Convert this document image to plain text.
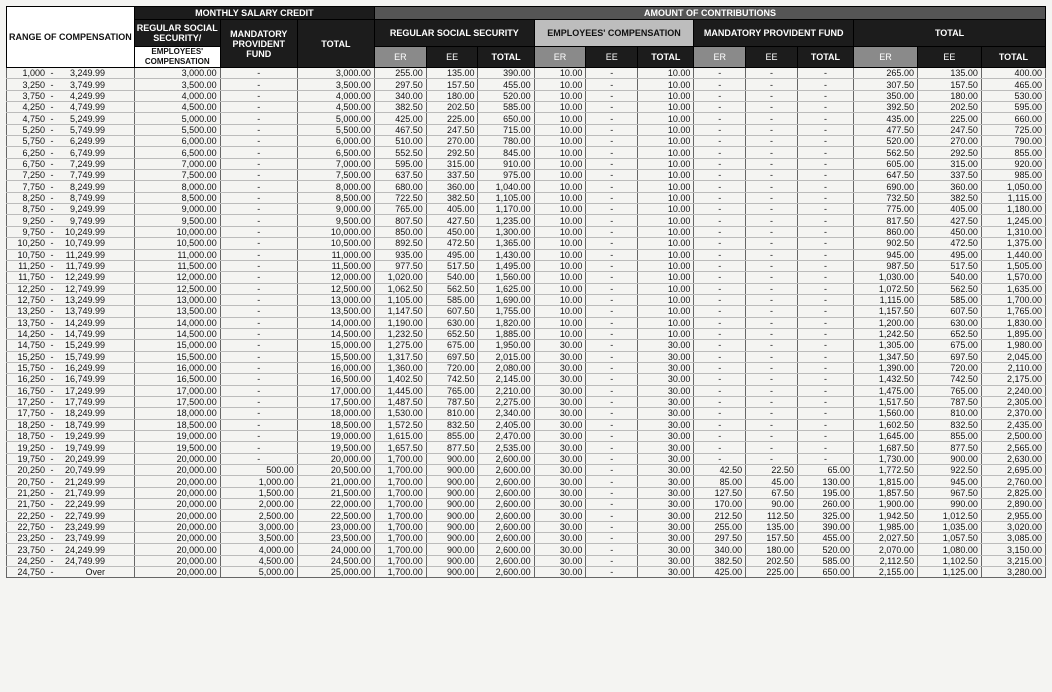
RANGE OF COMPENSATION	MONTHLY SALARY CREDIT			AMOUNT OF CONTRIBUTIONS											
	REGULAR SOCIAL SECURITY/	MANDATORY PROVIDENT FUND	TOTAL	REGULAR SOCIAL SECURITY			EMPLOYEES' COMPENSATION			MANDATORY PROVIDENT FUND			TOTAL		
	EMPLOYEES' COMPENSATION			ER	EE	TOTAL	ER	EE	TOTAL	ER	EE	TOTAL	ER	EE	TOTAL
1,000 - 3,249.99	3,000.00	-	3,000.00	255.00	135.00	390.00	10.00	-	10.00	-	-	-	265.00	135.00	400.00
3,250 - 3,749.99	3,500.00	-	3,500.00	297.50	157.50	455.00	10.00	-	10.00	-	-	-	307.50	157.50	465.00
3,750 - 4,249.99	4,000.00	-	4,000.00	340.00	180.00	520.00	10.00	-	10.00	-	-	-	350.00	180.00	530.00
4,250 - 4,749.99	4,500.00	-	4,500.00	382.50	202.50	585.00	10.00	-	10.00	-	-	-	392.50	202.50	595.00
4,750 - 5,249.99	5,000.00	-	5,000.00	425.00	225.00	650.00	10.00	-	10.00	-	-	-	435.00	225.00	660.00
5,250 - 5,749.99	5,500.00	-	5,500.00	467.50	247.50	715.00	10.00	-	10.00	-	-	-	477.50	247.50	725.00
5,750 - 6,249.99	6,000.00	-	6,000.00	510.00	270.00	780.00	10.00	-	10.00	-	-	-	520.00	270.00	790.00
6,250 - 6,749.99	6,500.00	-	6,500.00	552.50	292.50	845.00	10.00	-	10.00	-	-	-	562.50	292.50	855.00
6,750 - 7,249.99	7,000.00	-	7,000.00	595.00	315.00	910.00	10.00	-	10.00	-	-	-	605.00	315.00	920.00
7,250 - 7,749.99	7,500.00	-	7,500.00	637.50	337.50	975.00	10.00	-	10.00	-	-	-	647.50	337.50	985.00
7,750 - 8,249.99	8,000.00	-	8,000.00	680.00	360.00	1,040.00	10.00	-	10.00	-	-	-	690.00	360.00	1,050.00
8,250 - 8,749.99	8,500.00	-	8,500.00	722.50	382.50	1,105.00	10.00	-	10.00	-	-	-	732.50	382.50	1,115.00
8,750 - 9,249.99	9,000.00	-	9,000.00	765.00	405.00	1,170.00	10.00	-	10.00	-	-	-	775.00	405.00	1,180.00
9,250 - 9,749.99	9,500.00	-	9,500.00	807.50	427.50	1,235.00	10.00	-	10.00	-	-	-	817.50	427.50	1,245.00
9,750 - 10,249.99	10,000.00	-	10,000.00	850.00	450.00	1,300.00	10.00	-	10.00	-	-	-	860.00	450.00	1,310.00
10,250 - 10,749.99	10,500.00	-	10,500.00	892.50	472.50	1,365.00	10.00	-	10.00	-	-	-	902.50	472.50	1,375.00
10,750 - 11,249.99	11,000.00	-	11,000.00	935.00	495.00	1,430.00	10.00	-	10.00	-	-	-	945.00	495.00	1,440.00
11,250 - 11,749.99	11,500.00	-	11,500.00	977.50	517.50	1,495.00	10.00	-	10.00	-	-	-	987.50	517.50	1,505.00
11,750 - 12,249.99	12,000.00	-	12,000.00	1,020.00	540.00	1,560.00	10.00	-	10.00	-	-	-	1,030.00	540.00	1,570.00
12,250 - 12,749.99	12,500.00	-	12,500.00	1,062.50	562.50	1,625.00	10.00	-	10.00	-	-	-	1,072.50	562.50	1,635.00
12,750 - 13,249.99	13,000.00	-	13,000.00	1,105.00	585.00	1,690.00	10.00	-	10.00	-	-	-	1,115.00	585.00	1,700.00
13,250 - 13,749.99	13,500.00	-	13,500.00	1,147.50	607.50	1,755.00	10.00	-	10.00	-	-	-	1,157.50	607.50	1,765.00
13,750 - 14,249.99	14,000.00	-	14,000.00	1,190.00	630.00	1,820.00	10.00	-	10.00	-	-	-	1,200.00	630.00	1,830.00
14,250 - 14,749.99	14,500.00	-	14,500.00	1,232.50	652.50	1,885.00	10.00	-	10.00	-	-	-	1,242.50	652.50	1,895.00
14,750 - 15,249.99	15,000.00	-	15,000.00	1,275.00	675.00	1,950.00	30.00	-	30.00	-	-	-	1,305.00	675.00	1,980.00
15,250 - 15,749.99	15,500.00	-	15,500.00	1,317.50	697.50	2,015.00	30.00	-	30.00	-	-	-	1,347.50	697.50	2,045.00
15,750 - 16,249.99	16,000.00	-	16,000.00	1,360.00	720.00	2,080.00	30.00	-	30.00	-	-	-	1,390.00	720.00	2,110.00
16,250 - 16,749.99	16,500.00	-	16,500.00	1,402.50	742.50	2,145.00	30.00	-	30.00	-	-	-	1,432.50	742.50	2,175.00
16,750 - 17,249.99	17,000.00	-	17,000.00	1,445.00	765.00	2,210.00	30.00	-	30.00	-	-	-	1,475.00	765.00	2,240.00
17,250 - 17,749.99	17,500.00	-	17,500.00	1,487.50	787.50	2,275.00	30.00	-	30.00	-	-	-	1,517.50	787.50	2,305.00
17,750 - 18,249.99	18,000.00	-	18,000.00	1,530.00	810.00	2,340.00	30.00	-	30.00	-	-	-	1,560.00	810.00	2,370.00
18,250 - 18,749.99	18,500.00	-	18,500.00	1,572.50	832.50	2,405.00	30.00	-	30.00	-	-	-	1,602.50	832.50	2,435.00
18,750 - 19,249.99	19,000.00	-	19,000.00	1,615.00	855.00	2,470.00	30.00	-	30.00	-	-	-	1,645.00	855.00	2,500.00
19,250 - 19,749.99	19,500.00	-	19,500.00	1,657.50	877.50	2,535.00	30.00	-	30.00	-	-	-	1,687.50	877.50	2,565.00
19,750 - 20,249.99	20,000.00	-	20,000.00	1,700.00	900.00	2,600.00	30.00	-	30.00	-	-	-	1,730.00	900.00	2,630.00
20,250 - 20,749.99	20,000.00	500.00	20,500.00	1,700.00	900.00	2,600.00	30.00	-	30.00	42.50	22.50	65.00	1,772.50	922.50	2,695.00
20,750 - 21,249.99	20,000.00	1,000.00	21,000.00	1,700.00	900.00	2,600.00	30.00	-	30.00	85.00	45.00	130.00	1,815.00	945.00	2,760.00
21,250 - 21,749.99	20,000.00	1,500.00	21,500.00	1,700.00	900.00	2,600.00	30.00	-	30.00	127.50	67.50	195.00	1,857.50	967.50	2,825.00
21,750 - 22,249.99	20,000.00	2,000.00	22,000.00	1,700.00	900.00	2,600.00	30.00	-	30.00	170.00	90.00	260.00	1,900.00	990.00	2,890.00
22,250 - 22,749.99	20,000.00	2,500.00	22,500.00	1,700.00	900.00	2,600.00	30.00	-	30.00	212.50	112.50	325.00	1,942.50	1,012.50	2,955.00
22,750 - 23,249.99	20,000.00	3,000.00	23,000.00	1,700.00	900.00	2,600.00	30.00	-	30.00	255.00	135.00	390.00	1,985.00	1,035.00	3,020.00
23,250 - 23,749.99	20,000.00	3,500.00	23,500.00	1,700.00	900.00	2,600.00	30.00	-	30.00	297.50	157.50	455.00	2,027.50	1,057.50	3,085.00
23,750 - 24,249.99	20,000.00	4,000.00	24,000.00	1,700.00	900.00	2,600.00	30.00	-	30.00	340.00	180.00	520.00	2,070.00	1,080.00	3,150.00
24,250 - 24,749.99	20,000.00	4,500.00	24,500.00	1,700.00	900.00	2,600.00	30.00	-	30.00	382.50	202.50	585.00	2,112.50	1,102.50	3,215.00
24,750 - Over	20,000.00	5,000.00	25,000.00	1,700.00	900.00	2,600.00	30.00	-	30.00	425.00	225.00	650.00	2,155.00	1,125.00	3,280.00
